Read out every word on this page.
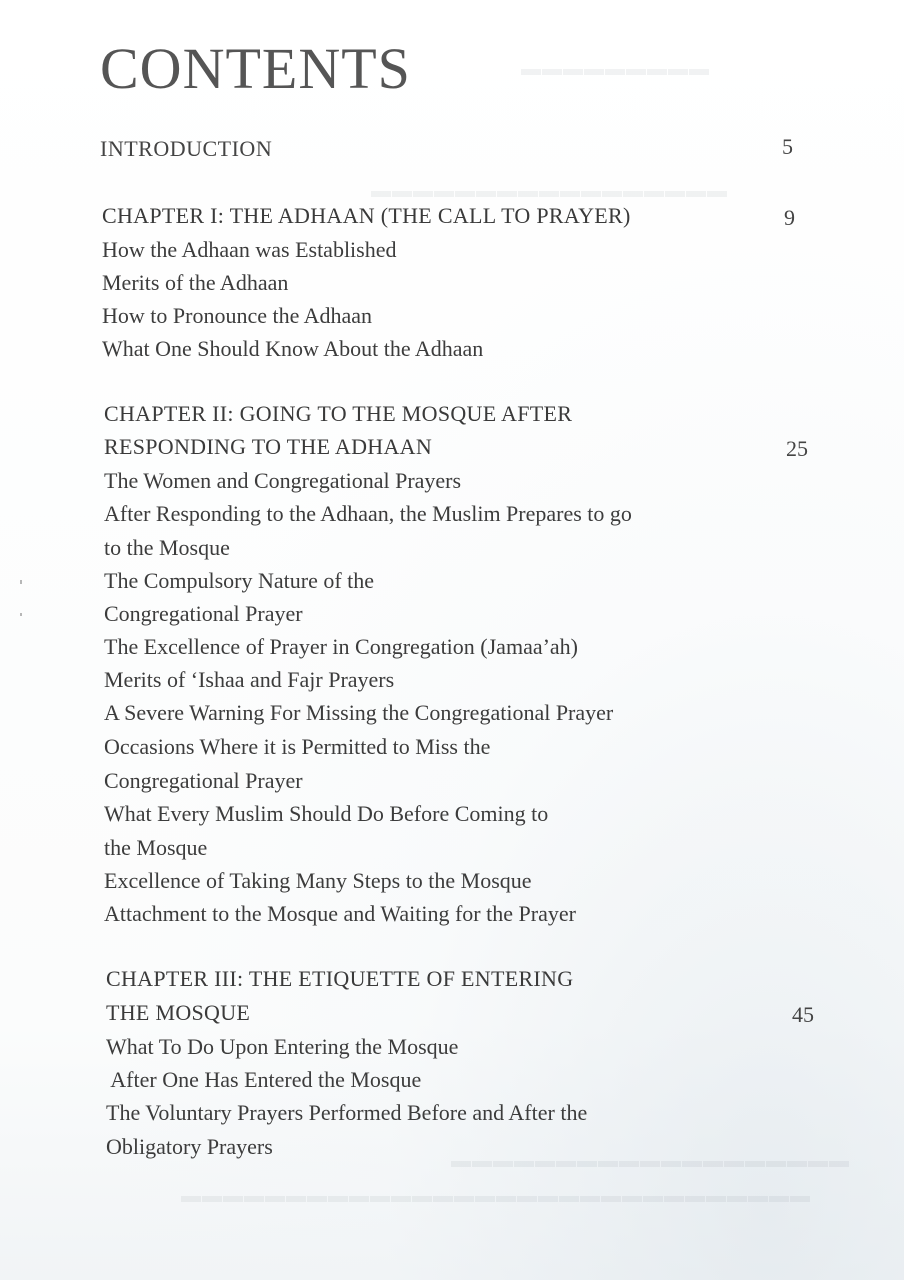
▬▬▬▬▬▬▬▬▬
▬▬▬▬▬▬▬▬▬▬▬▬▬▬▬▬▬
▬▬▬▬▬▬▬▬▬▬▬▬▬▬▬▬▬▬▬
▬▬▬▬▬▬▬▬▬▬▬▬▬▬▬▬▬▬▬▬▬▬▬▬▬▬▬▬▬▬
CONTENTS
INTRODUCTION	5
CHAPTER I: THE ADHAAN (THE CALL TO PRAYER)	9
How the Adhaan was Established
Merits of the Adhaan
How to Pronounce the Adhaan
What One Should Know About the Adhaan
CHAPTER II: GOING TO THE MOSQUE AFTER
RESPONDING TO THE ADHAAN	25
The Women and Congregational Prayers
After Responding to the Adhaan, the Muslim Prepares to go
to the Mosque
The Compulsory Nature of the
Congregational Prayer
The Excellence of Prayer in Congregation (Jamaa’ah)
Merits of ‘Ishaa and Fajr Prayers
A Severe Warning For Missing the Congregational Prayer
Occasions Where it is Permitted to Miss the
Congregational Prayer
What Every Muslim Should Do Before Coming to
the Mosque
Excellence of Taking Many Steps to the Mosque
Attachment to the Mosque and Waiting for the Prayer
CHAPTER III: THE ETIQUETTE OF ENTERING
THE MOSQUE	45
What To Do Upon Entering the Mosque
After One Has Entered the Mosque
The Voluntary Prayers Performed Before and After the
Obligatory Prayers
